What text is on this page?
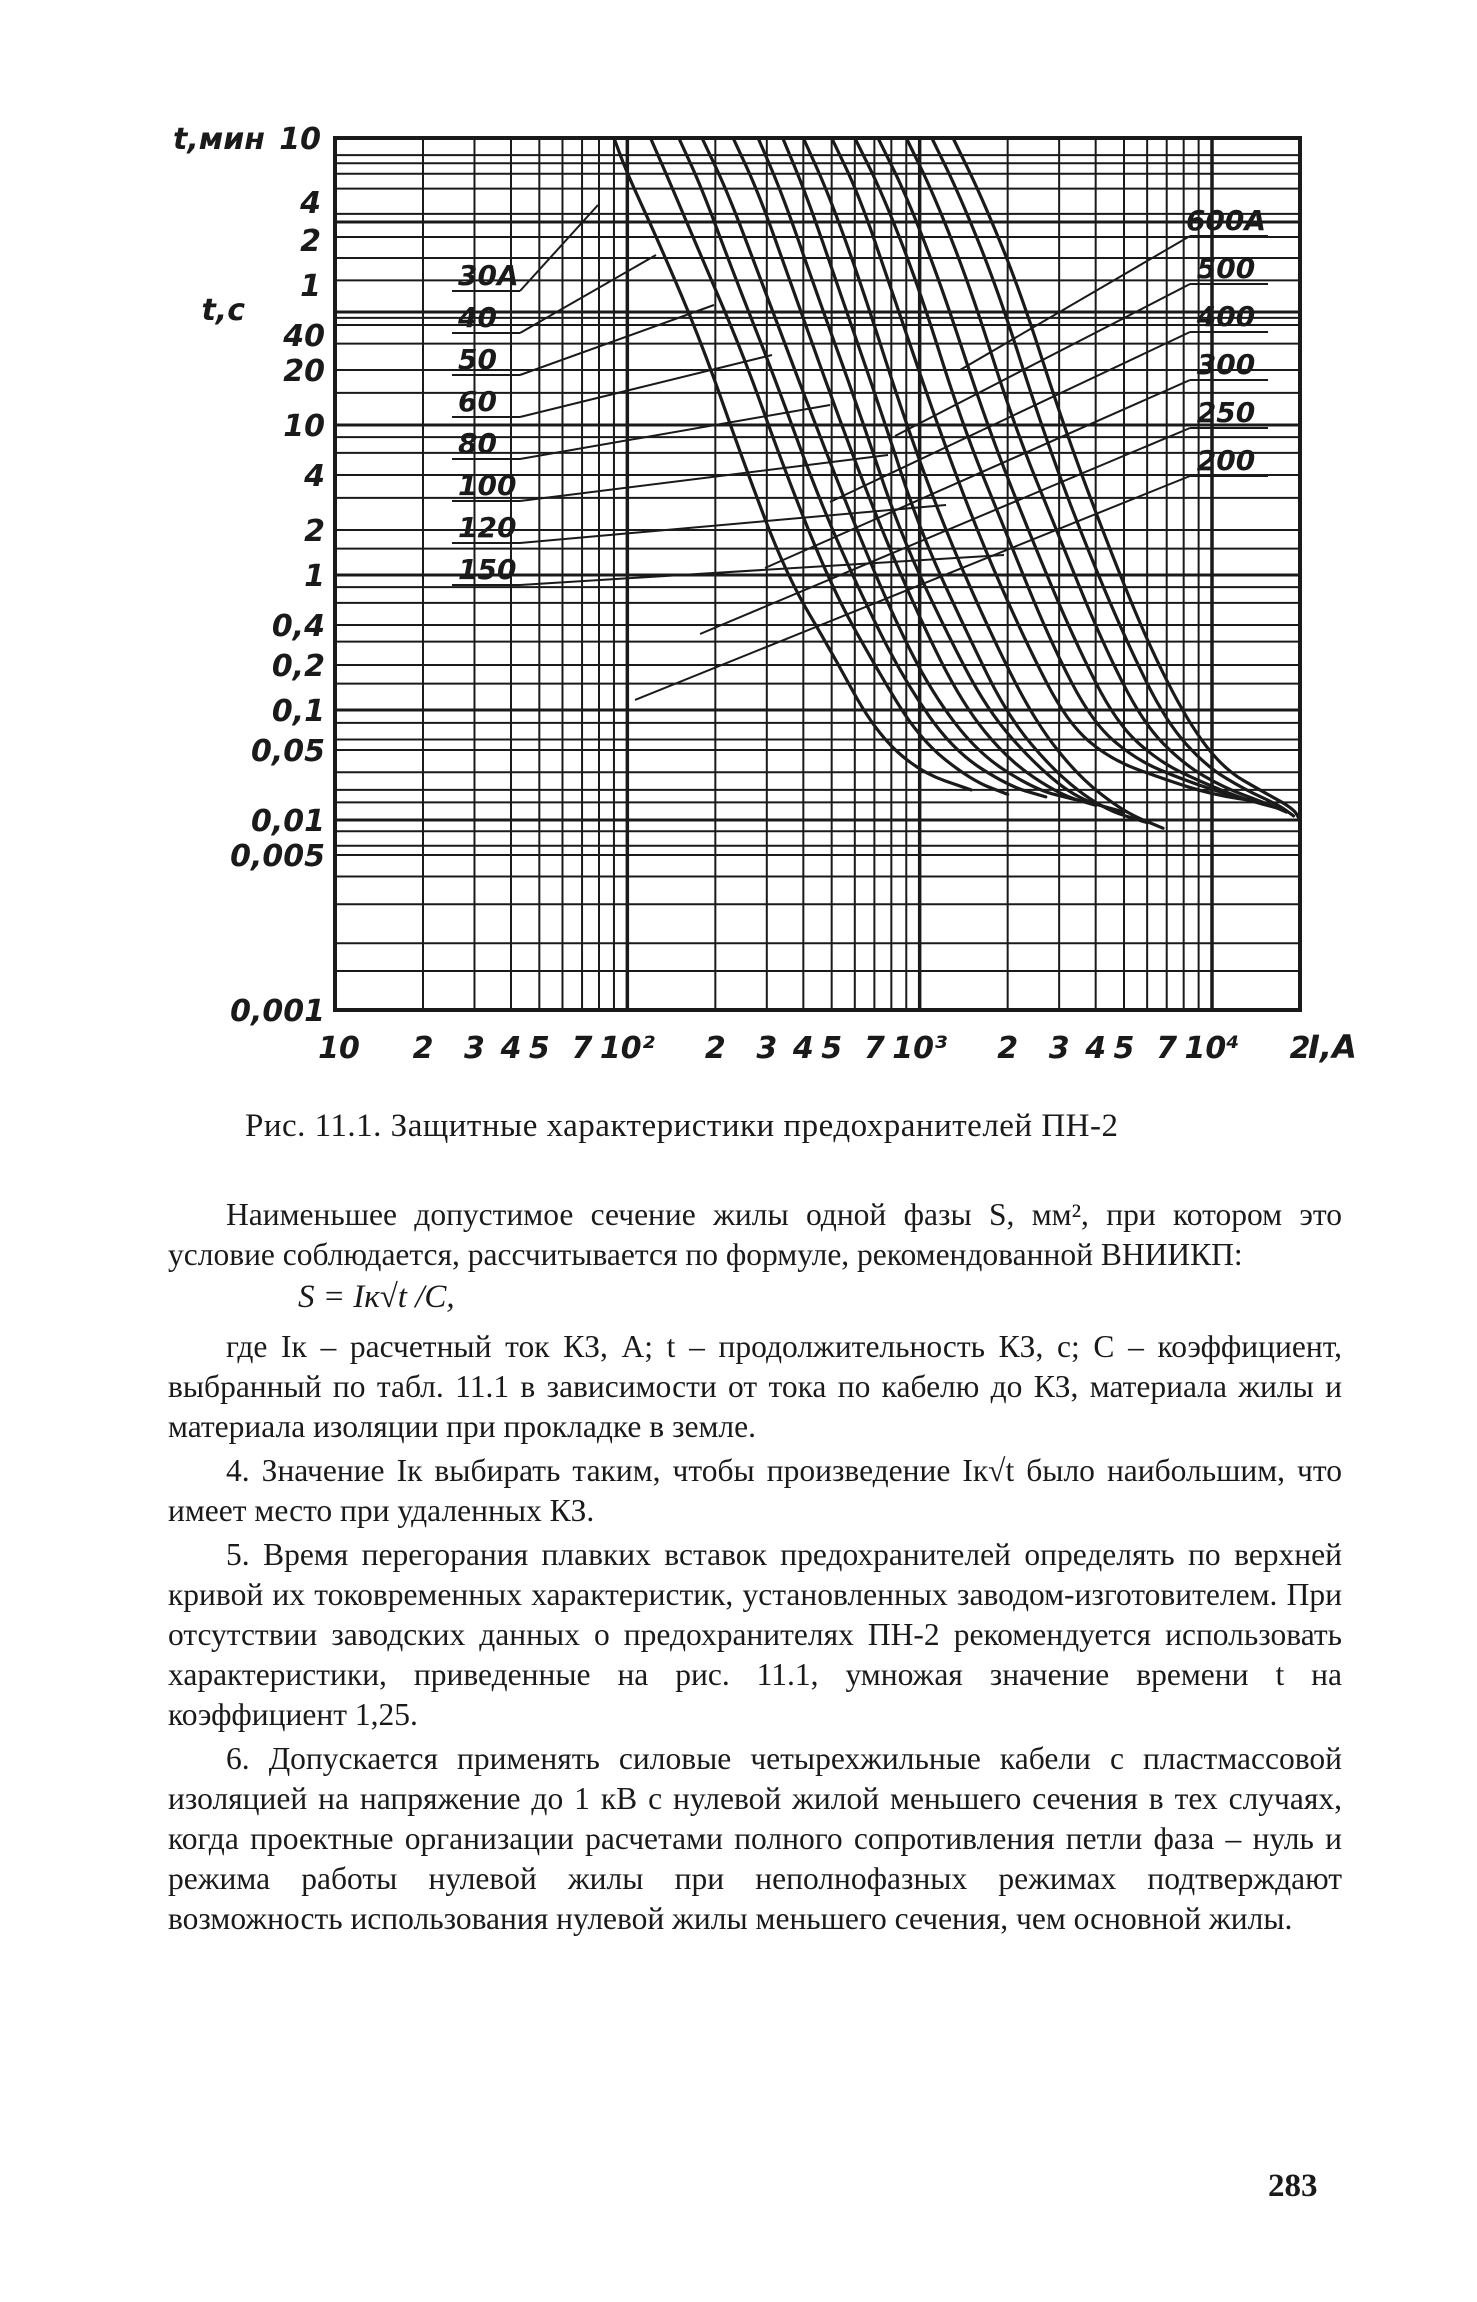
10 2 3 4 5 7 10² 2 3 4 5 7 10³ 2 3 4 5 7 10⁴ 2
I,A
10
4
2
1
t,мин
t,c
40
20
10
4
2
1
0,4
0,2
0,1
0,05
0,01
0,005
0,001
30A
40
50
60
80
100
120
150
600A
500
400
300
250
200
Рис. 11.1. Защитные характеристики предохранителей ПН-2

Наименьшее допустимое сечение жилы одной фазы S, мм², при котором это условие соблюдается, рассчитывается по формуле, рекомендованной ВНИИКП:

S = Iк√t /C,

где Iк – расчетный ток КЗ, А; t – продолжительность КЗ, с; C – коэффициент, выбранный по табл. 11.1 в зависимости от тока по кабелю до КЗ, материала жилы и материала изоляции при прокладке в земле.

4. Значение Iк выбирать таким, чтобы произведение Iк√t было наибольшим, что имеет место при удаленных КЗ.

5. Время перегорания плавких вставок предохранителей определять по верхней кривой их токовременных характеристик, установленных заводом-изготовителем. При отсутствии заводских данных о предохранителях ПН-2 рекомендуется использовать характеристики, приведенные на рис. 11.1, умножая значение времени t на коэффициент 1,25.

6. Допускается применять силовые четырехжильные кабели с пластмассовой изоляцией на напряжение до 1 кВ с нулевой жилой меньшего сечения в тех случаях, когда проектные организации расчетами полного сопротивления петли фаза – нуль и режима работы нулевой жилы при неполнофазных режимах подтверждают возможность использования нулевой жилы меньшего сечения, чем основной жилы.

283
